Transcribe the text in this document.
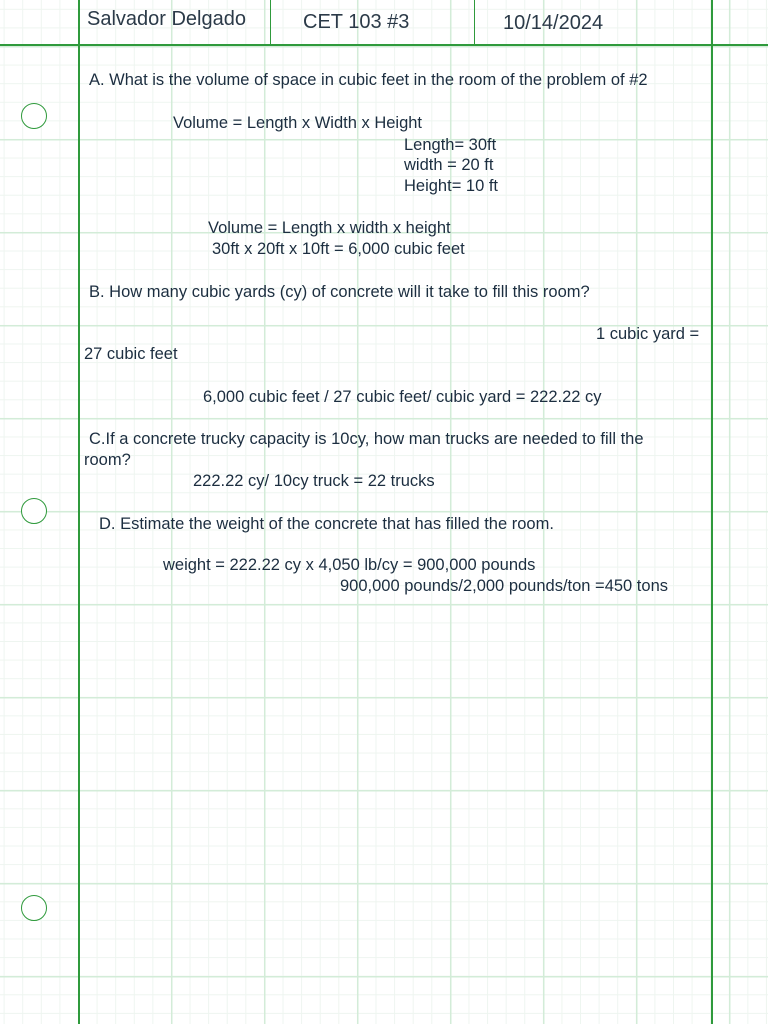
Salvador Delgado	CET 103 #3	10/14/2024
A. What is the volume of space in cubic feet in the room of the problem of #2
Volume = Length x Width x Height
Length= 30ft
width = 20 ft
Height= 10 ft
Volume = Length x width x height
30ft x 20ft x 10ft = 6,000 cubic feet
B. How many cubic yards (cy) of concrete will it take to fill this room?
1 cubic yard =
27 cubic feet
6,000 cubic feet / 27 cubic feet/ cubic yard = 222.22 cy
C.If a concrete trucky capacity is 10cy, how man trucks are needed to fill the
room?
222.22 cy/ 10cy truck = 22 trucks
D. Estimate the weight of the concrete that has filled the room.
weight = 222.22 cy x 4,050 lb/cy = 900,000 pounds
900,000 pounds/2,000 pounds/ton =450 tons
